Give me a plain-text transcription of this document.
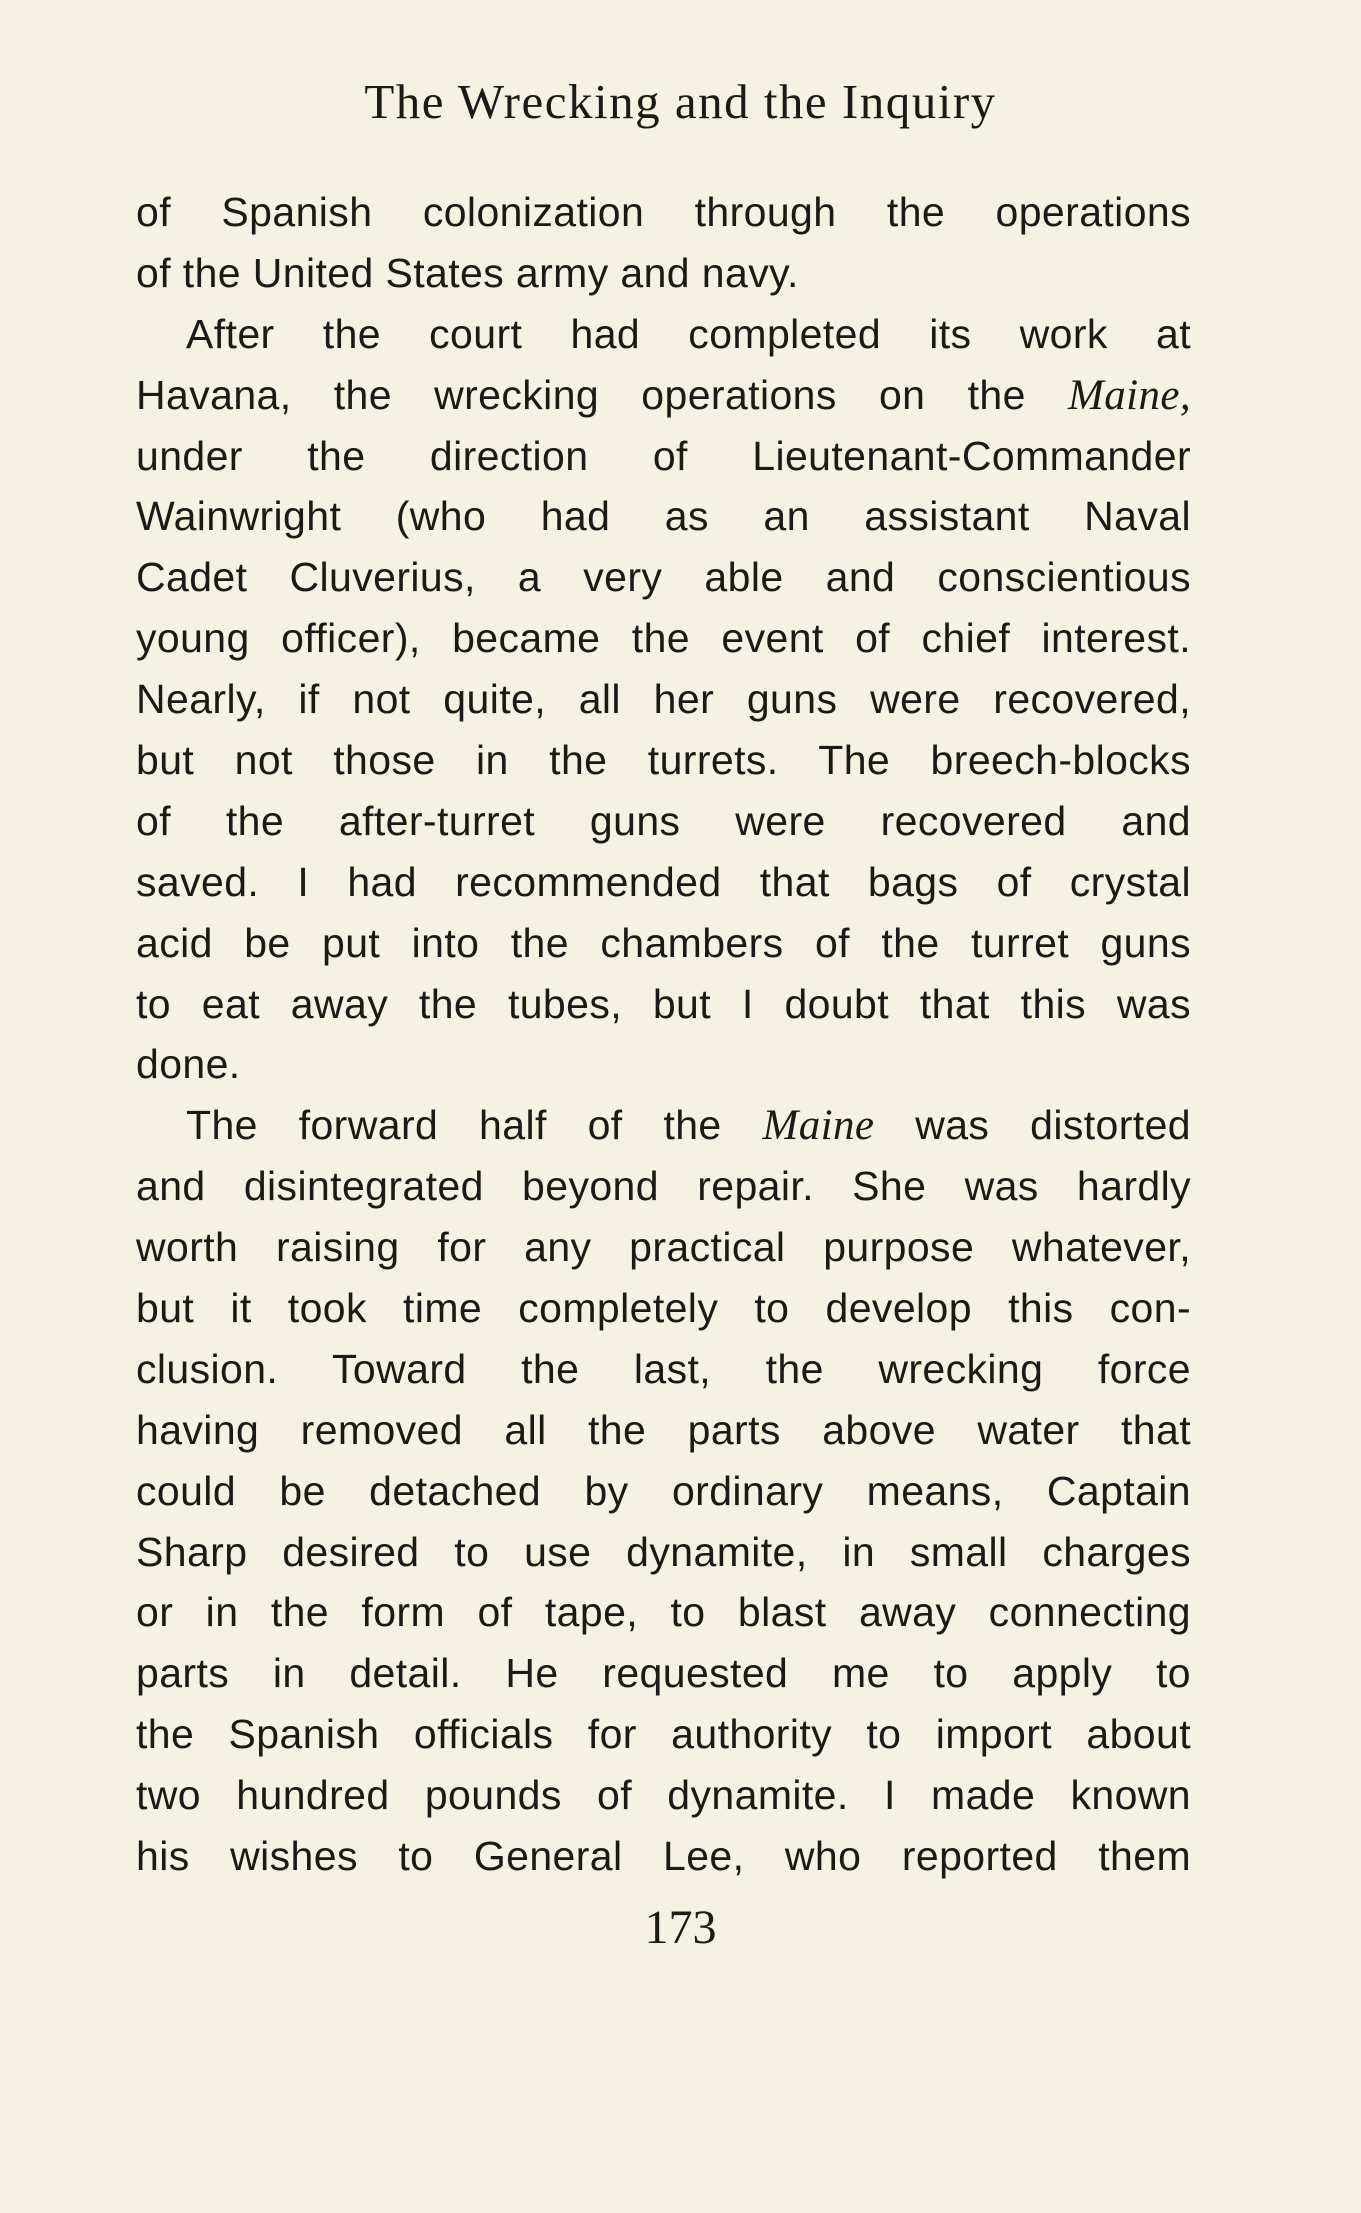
The Wrecking and the Inquiry
of Spanish colonization through the operations
of the United States army and navy.
After the court had completed its work at
Havana, the wrecking operations on the Maine,
under the direction of Lieutenant-Commander
Wainwright (who had as an assistant Naval
Cadet Cluverius, a very able and conscientious
young officer), became the event of chief interest.
Nearly, if not quite, all her guns were recovered,
but not those in the turrets. The breech-blocks
of the after-turret guns were recovered and
saved. I had recommended that bags of crystal
acid be put into the chambers of the turret guns
to eat away the tubes, but I doubt that this was
done.
The forward half of the Maine was distorted
and disintegrated beyond repair. She was hardly
worth raising for any practical purpose whatever,
but it took time completely to develop this con-
clusion. Toward the last, the wrecking force
having removed all the parts above water that
could be detached by ordinary means, Captain
Sharp desired to use dynamite, in small charges
or in the form of tape, to blast away connecting
parts in detail. He requested me to apply to
the Spanish officials for authority to import about
two hundred pounds of dynamite. I made known
his wishes to General Lee, who reported them
173
